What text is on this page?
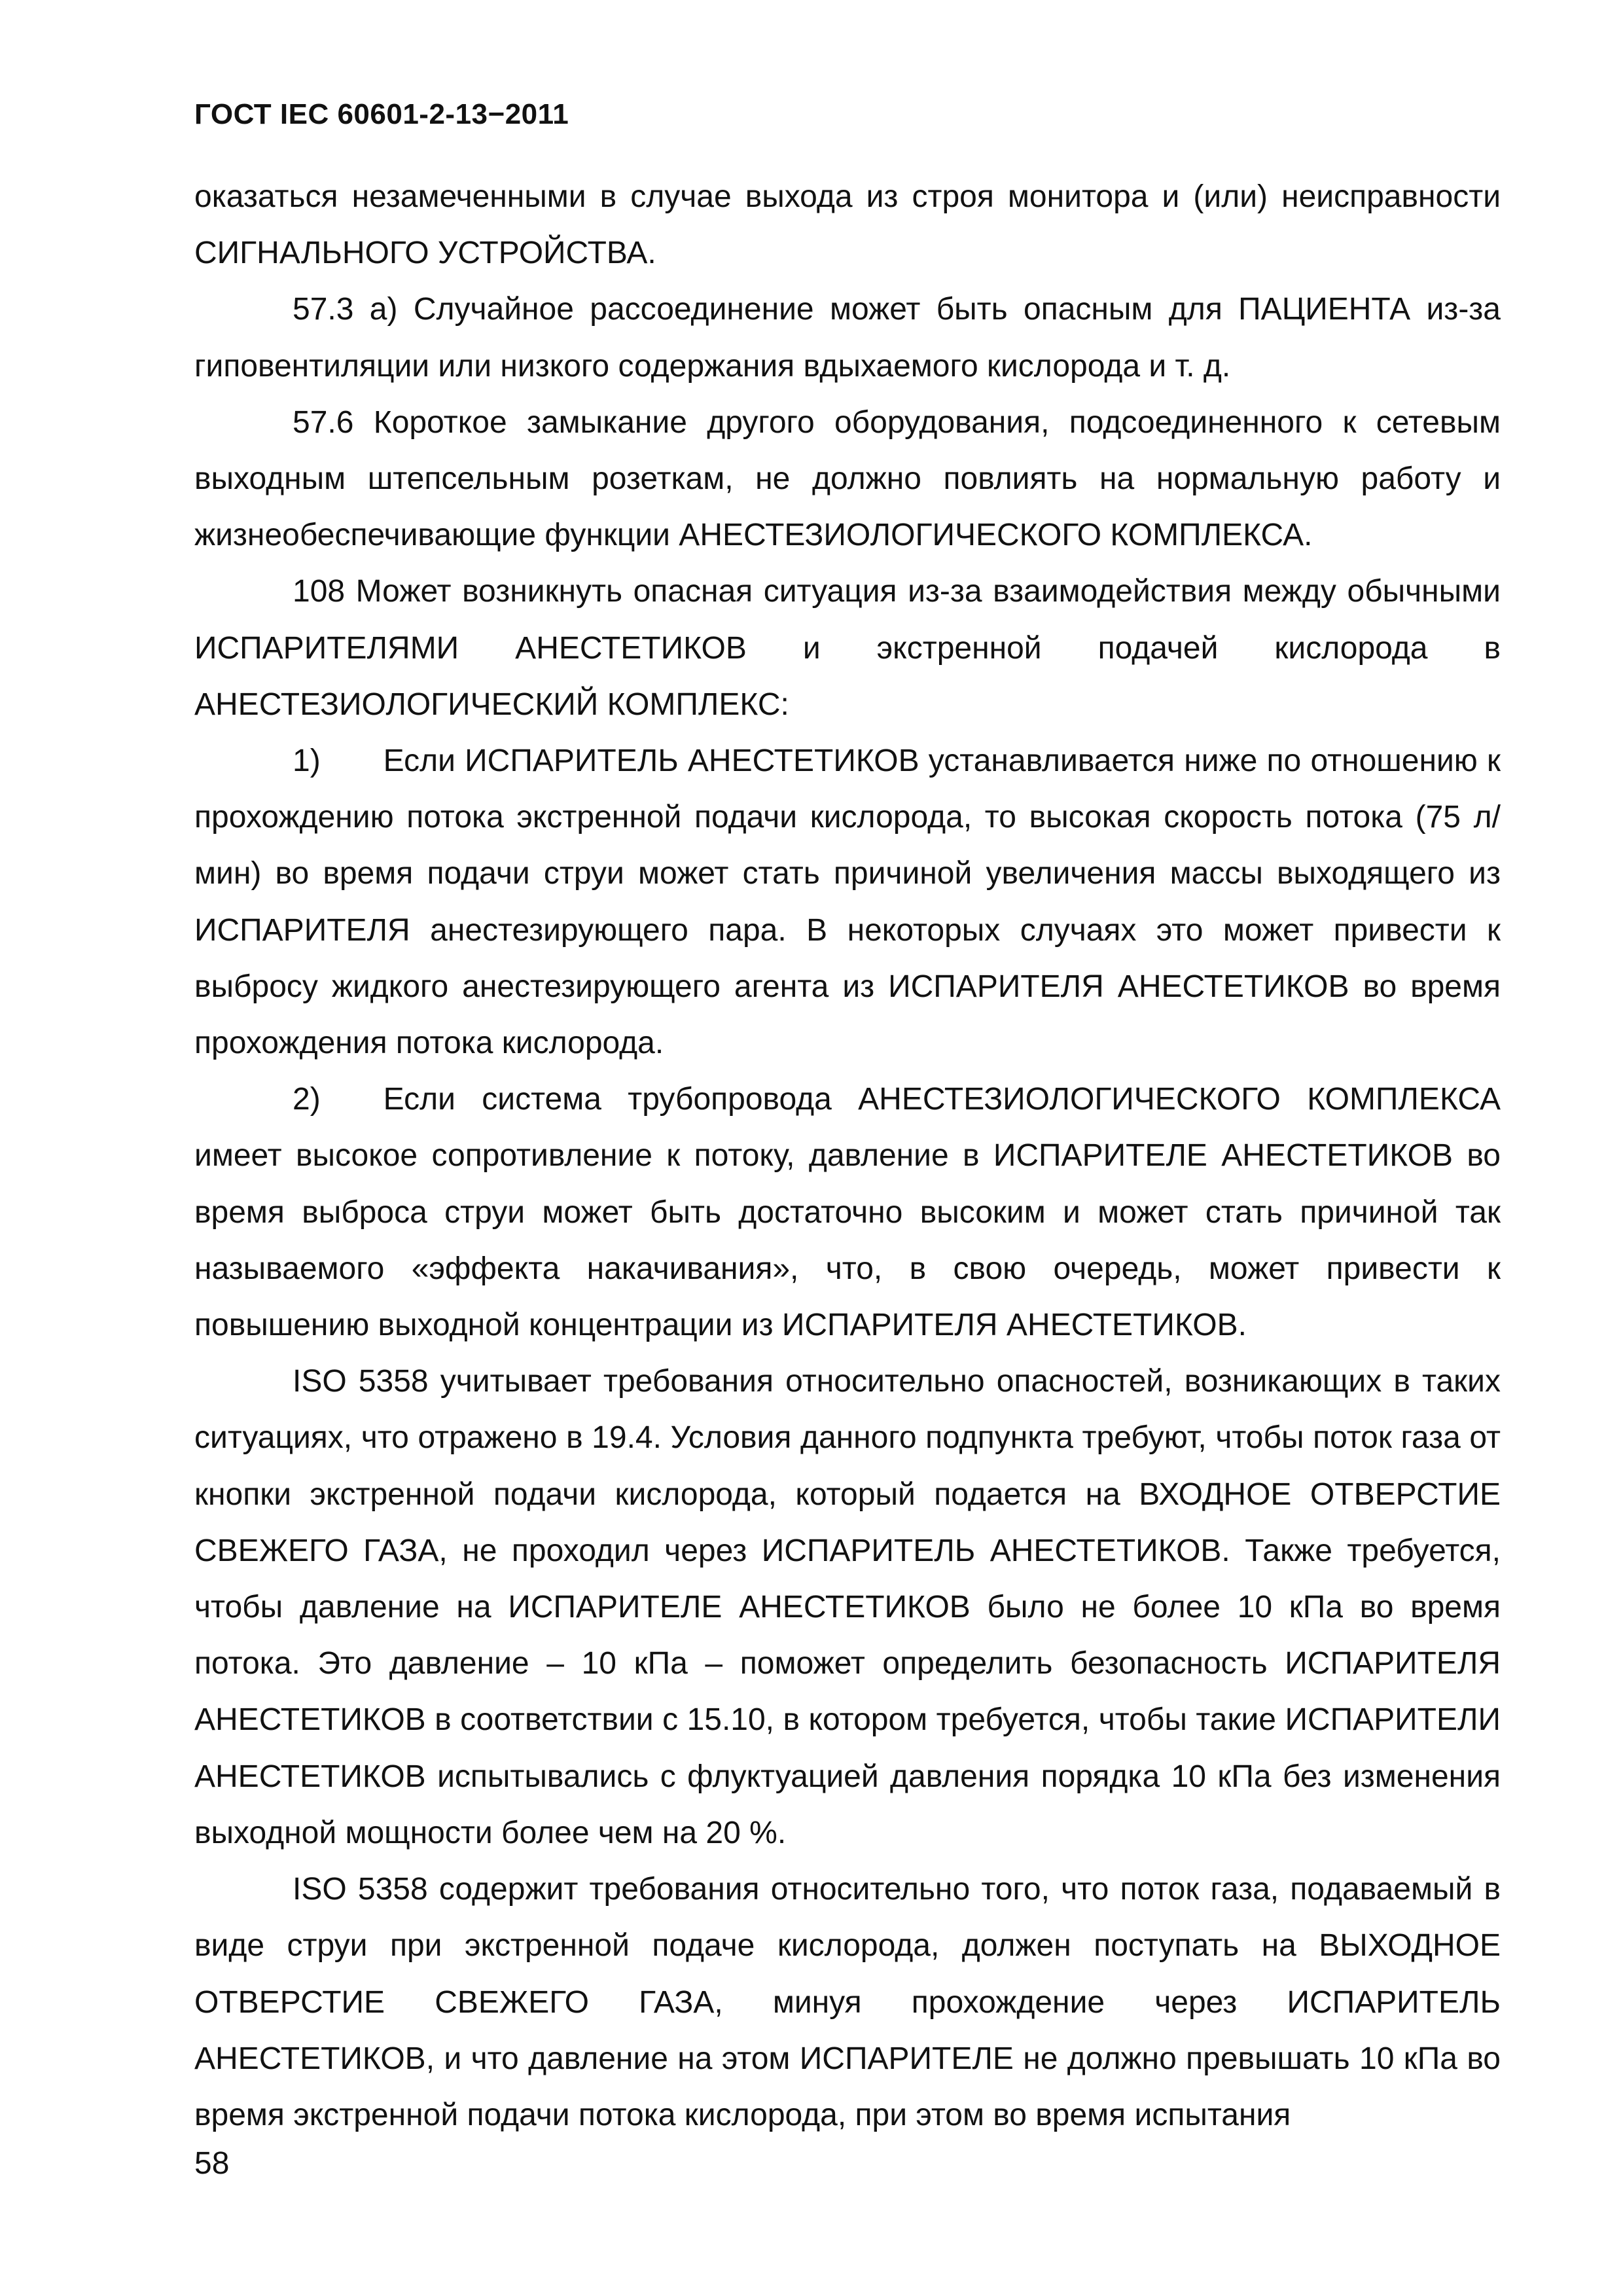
ГОСТ IEC 60601-2-13−2011

оказаться незамеченными в случае выхода из строя монитора и (или) неисправности СИГНАЛЬНОГО УСТРОЙСТВА.

57.3 а) Случайное рассоединение может быть опасным для ПАЦИЕНТА из-за гиповентиляции или низкого содержания вдыхаемого кислорода и т. д.

57.6 Короткое замыкание другого оборудования, подсоединенного к сетевым выходным штепсельным розеткам, не должно повлиять на нормальную работу и жизнеобеспечивающие функции АНЕСТЕЗИОЛОГИЧЕСКОГО КОМПЛЕКСА.

108 Может возникнуть опасная ситуация из-за взаимодействия между обычными ИСПАРИТЕЛЯМИ АНЕСТЕТИКОВ и экстренной подачей кислорода в АНЕСТЕЗИОЛОГИЧЕСКИЙ КОМПЛЕКС:

1)  Если ИСПАРИТЕЛЬ АНЕСТЕТИКОВ устанавливается ниже по отношению к прохождению потока экстренной подачи кислорода, то высокая скорость потока (75 л/мин) во время подачи струи может стать причиной увеличения массы выходящего из ИСПАРИТЕЛЯ анестезирующего пара. В некоторых случаях это может привести к выбросу жидкого анестезирующего агента из ИСПАРИТЕЛЯ АНЕСТЕТИКОВ во время прохождения потока кислорода.

2)  Если система трубопровода АНЕСТЕЗИОЛОГИЧЕСКОГО КОМПЛЕКСА имеет высокое сопротивление к потоку, давление в ИСПАРИТЕЛЕ АНЕСТЕТИКОВ во время выброса струи может быть достаточно высоким и может стать причиной так называемого «эффекта накачивания», что, в свою очередь, может привести к повышению выходной концентрации из ИСПАРИТЕЛЯ АНЕСТЕТИКОВ.

ISO 5358 учитывает требования относительно опасностей, возникающих в таких ситуациях, что отражено в 19.4. Условия данного подпункта требуют, чтобы поток газа от кнопки экстренной подачи кислорода, который подается на ВХОДНОЕ ОТВЕРСТИЕ СВЕЖЕГО ГАЗА, не проходил через ИСПАРИТЕЛЬ АНЕСТЕТИКОВ. Также требуется, чтобы давление на ИСПАРИТЕЛЕ АНЕСТЕТИКОВ было не более 10 кПа во время потока. Это давление – 10 кПа – поможет определить безопасность ИСПАРИТЕЛЯ АНЕСТЕТИКОВ в соответствии с 15.10, в котором требуется, чтобы такие ИСПАРИТЕЛИ АНЕСТЕТИКОВ испытывались с флуктуацией давления порядка 10 кПа без изменения выходной мощности более чем на 20 %.

ISO 5358 содержит требования относительно того, что поток газа, подаваемый в виде струи при экстренной подаче кислорода, должен поступать на ВЫХОДНОЕ ОТВЕРСТИЕ СВЕЖЕГО ГАЗА, минуя прохождение через ИСПАРИТЕЛЬ АНЕСТЕТИКОВ, и что давление на этом ИСПАРИТЕЛЕ не должно превышать 10 кПа во время экстренной подачи потока кислорода, при этом во время испытания

58
